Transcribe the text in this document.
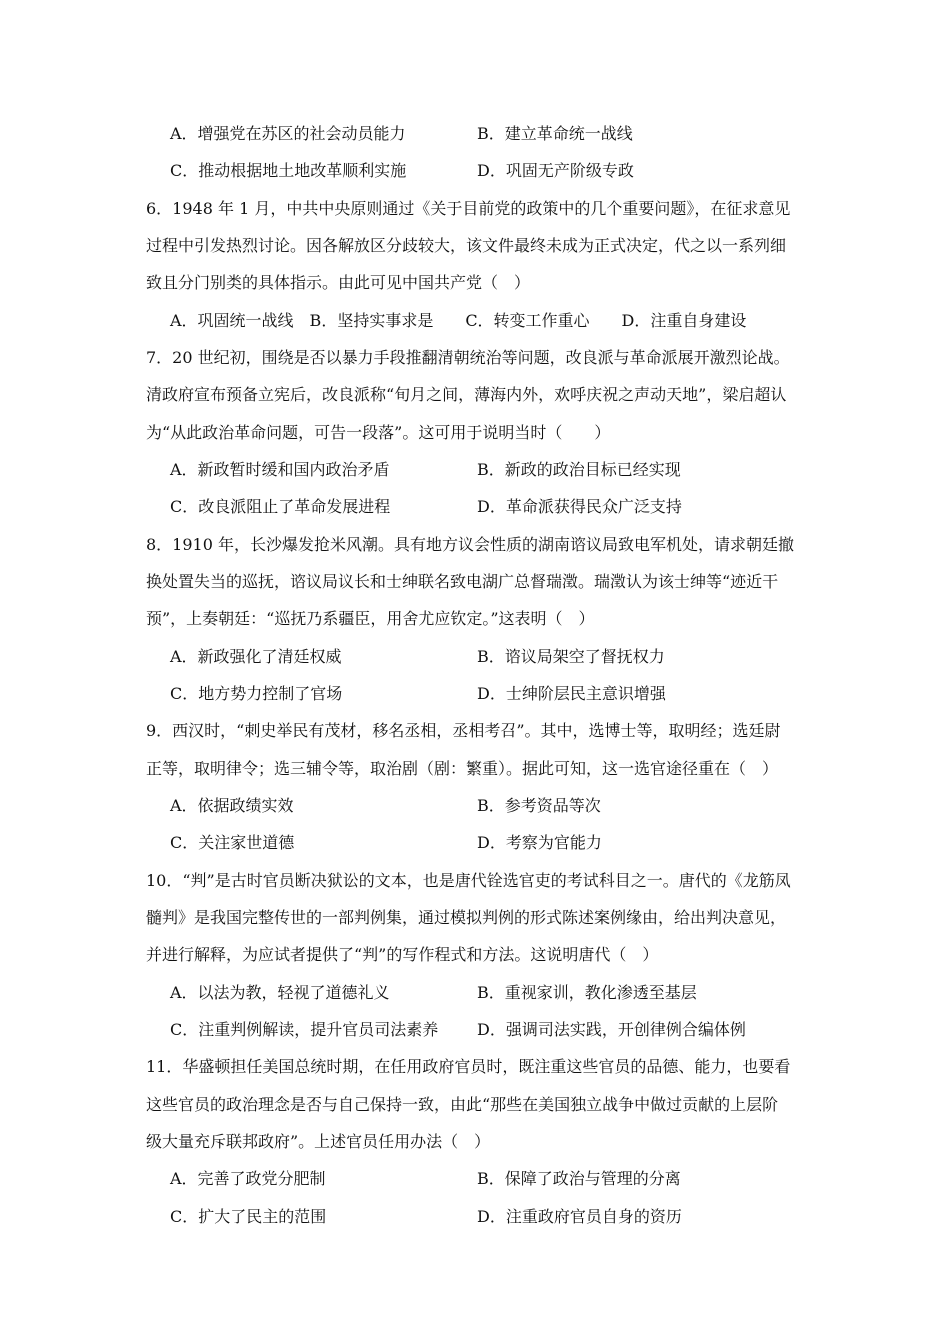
A．增强党在苏区的社会动员能力	B．建立革命统一战线
C．推动根据地土地改革顺利实施	D．巩固无产阶级专政
6．1948 年 1 月，中共中央原则通过《关于目前党的政策中的几个重要问题》，在征求意见
过程中引发热烈讨论。因各解放区分歧较大，该文件最终未成为正式决定，代之以一系列细
致且分门别类的具体指示。由此可见中国共产党（　）
A．巩固统一战线　B．坚持实事求是　　C．转变工作重心　　D．注重自身建设
7．20 世纪初，围绕是否以暴力手段推翻清朝统治等问题，改良派与革命派展开激烈论战。
清政府宣布预备立宪后，改良派称“旬月之间，薄海内外，欢呼庆祝之声动天地”，梁启超认
为“从此政治革命问题，可告一段落”。这可用于说明当时（　　）
A．新政暂时缓和国内政治矛盾	B．新政的政治目标已经实现
C．改良派阻止了革命发展进程	D．革命派获得民众广泛支持
8．1910 年，长沙爆发抢米风潮。具有地方议会性质的湖南谘议局致电军机处，请求朝廷撤
换处置失当的巡抚，谘议局议长和士绅联名致电湖广总督瑞澂。瑞澂认为该士绅等“迹近干
预”，上奏朝廷：“巡抚乃系疆臣，用舍尤应钦定。”这表明（　）
A．新政强化了清廷权威	B．谘议局架空了督抚权力
C．地方势力控制了官场	D．士绅阶层民主意识增强
9．西汉时，“刺史举民有茂材，移名丞相，丞相考召”。其中，选博士等，取明经；选廷尉
正等，取明律令；选三辅令等，取治剧（剧：繁重）。据此可知，这一选官途径重在（　）
A．依据政绩实效	B．参考资品等次
C．关注家世道德	D．考察为官能力
10．“判”是古时官员断决狱讼的文本，也是唐代铨选官吏的考试科目之一。唐代的《龙筋凤
髓判》是我国完整传世的一部判例集，通过模拟判例的形式陈述案例缘由，给出判决意见，
并进行解释，为应试者提供了“判”的写作程式和方法。这说明唐代（　）
A．以法为教，轻视了道德礼义	B．重视家训，教化渗透至基层
C．注重判例解读，提升官员司法素养 D．强调司法实践，开创律例合编体例
11．华盛顿担任美国总统时期，在任用政府官员时，既注重这些官员的品德、能力，也要看
这些官员的政治理念是否与自己保持一致，由此“那些在美国独立战争中做过贡献的上层阶
级大量充斥联邦政府”。上述官员任用办法（　）
A．完善了政党分肥制	B．保障了政治与管理的分离
C．扩大了民主的范围	D．注重政府官员自身的资历
